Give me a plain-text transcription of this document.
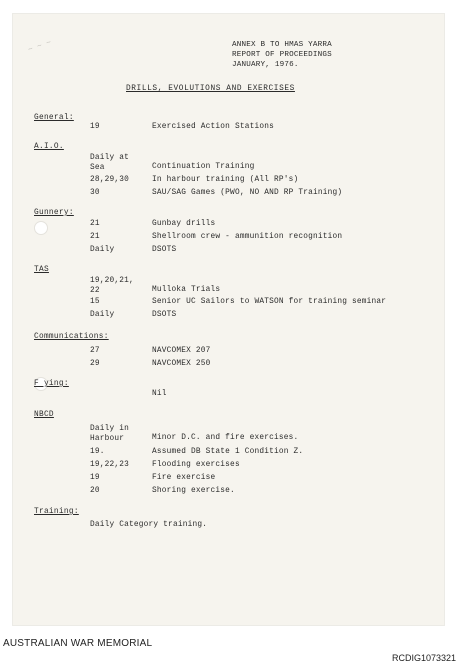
~ ~ ~	ANNEX B TO HMAS YARRA
REPORT OF PROCEEDINGS
JANUARY, 1976.
DRILLS, EVOLUTIONS AND EXERCISES
General:
19	Exercised Action Stations
A.I.O.
Daily at
Sea	Continuation Training
28,29,30	In harbour training (All RP's)
30	SAU/SAG Games (PWO, NO AND RP Training)
Gunnery:
21	Gunbay drills
21	Shellroom crew - ammunition recognition
Daily	DSOTS
TAS
19,20,21,
22	Mulloka Trials
15	Senior UC Sailors to WATSON for training seminar
Daily	DSOTS
Communications:
27	NAVCOMEX 207
29	NAVCOMEX 250
F ying:
Nil
NBCD
Daily in
Harbour	Minor D.C. and fire exercises.
19.	Assumed DB State 1 Condition Z.
19,22,23	Flooding exercises
19	Fire exercise
20	Shoring exercise.
Training:
Daily Category training.
AUSTRALIAN WAR MEMORIAL
RCDIG1073321
